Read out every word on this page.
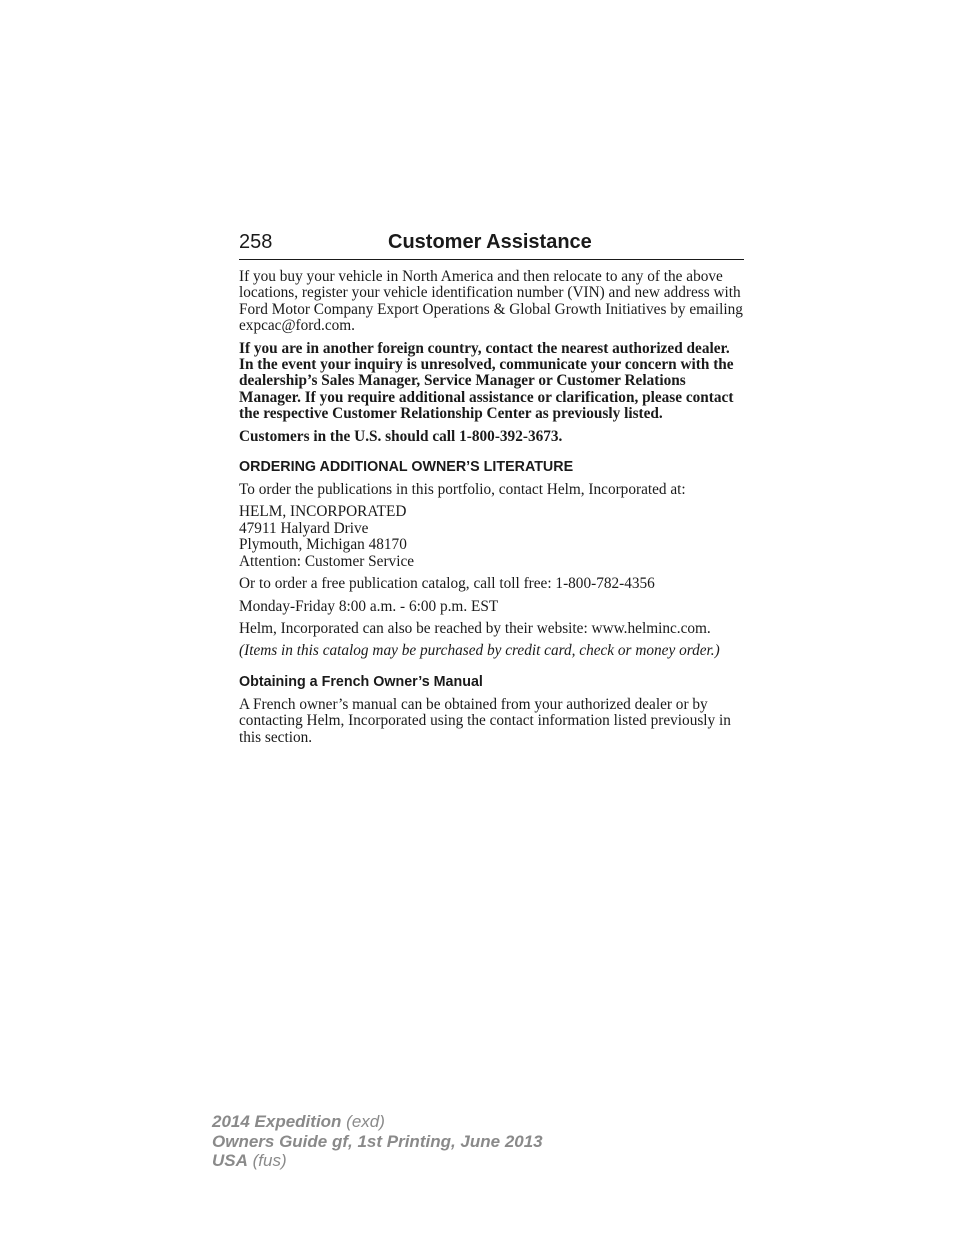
258	Customer Assistance

If you buy your vehicle in North America and then relocate to any of the above locations, register your vehicle identification number (VIN) and new address with Ford Motor Company Export Operations & Global Growth Initiatives by emailing expcac@ford.com.

If you are in another foreign country, contact the nearest authorized dealer. In the event your inquiry is unresolved, communicate your concern with the dealership’s Sales Manager, Service Manager or Customer Relations Manager. If you require additional assistance or clarification, please contact the respective Customer Relationship Center as previously listed.

Customers in the U.S. should call 1-800-392-3673.

ORDERING ADDITIONAL OWNER’S LITERATURE

To order the publications in this portfolio, contact Helm, Incorporated at:

HELM, INCORPORATED
47911 Halyard Drive
Plymouth, Michigan 48170
Attention: Customer Service

Or to order a free publication catalog, call toll free: 1-800-782-4356

Monday-Friday 8:00 a.m. - 6:00 p.m. EST

Helm, Incorporated can also be reached by their website: www.helminc.com.

(Items in this catalog may be purchased by credit card, check or money order.)

Obtaining a French Owner’s Manual

A French owner’s manual can be obtained from your authorized dealer or by contacting Helm, Incorporated using the contact information listed previously in this section.

2014 Expedition (exd)
Owners Guide gf, 1st Printing, June 2013
USA (fus)
